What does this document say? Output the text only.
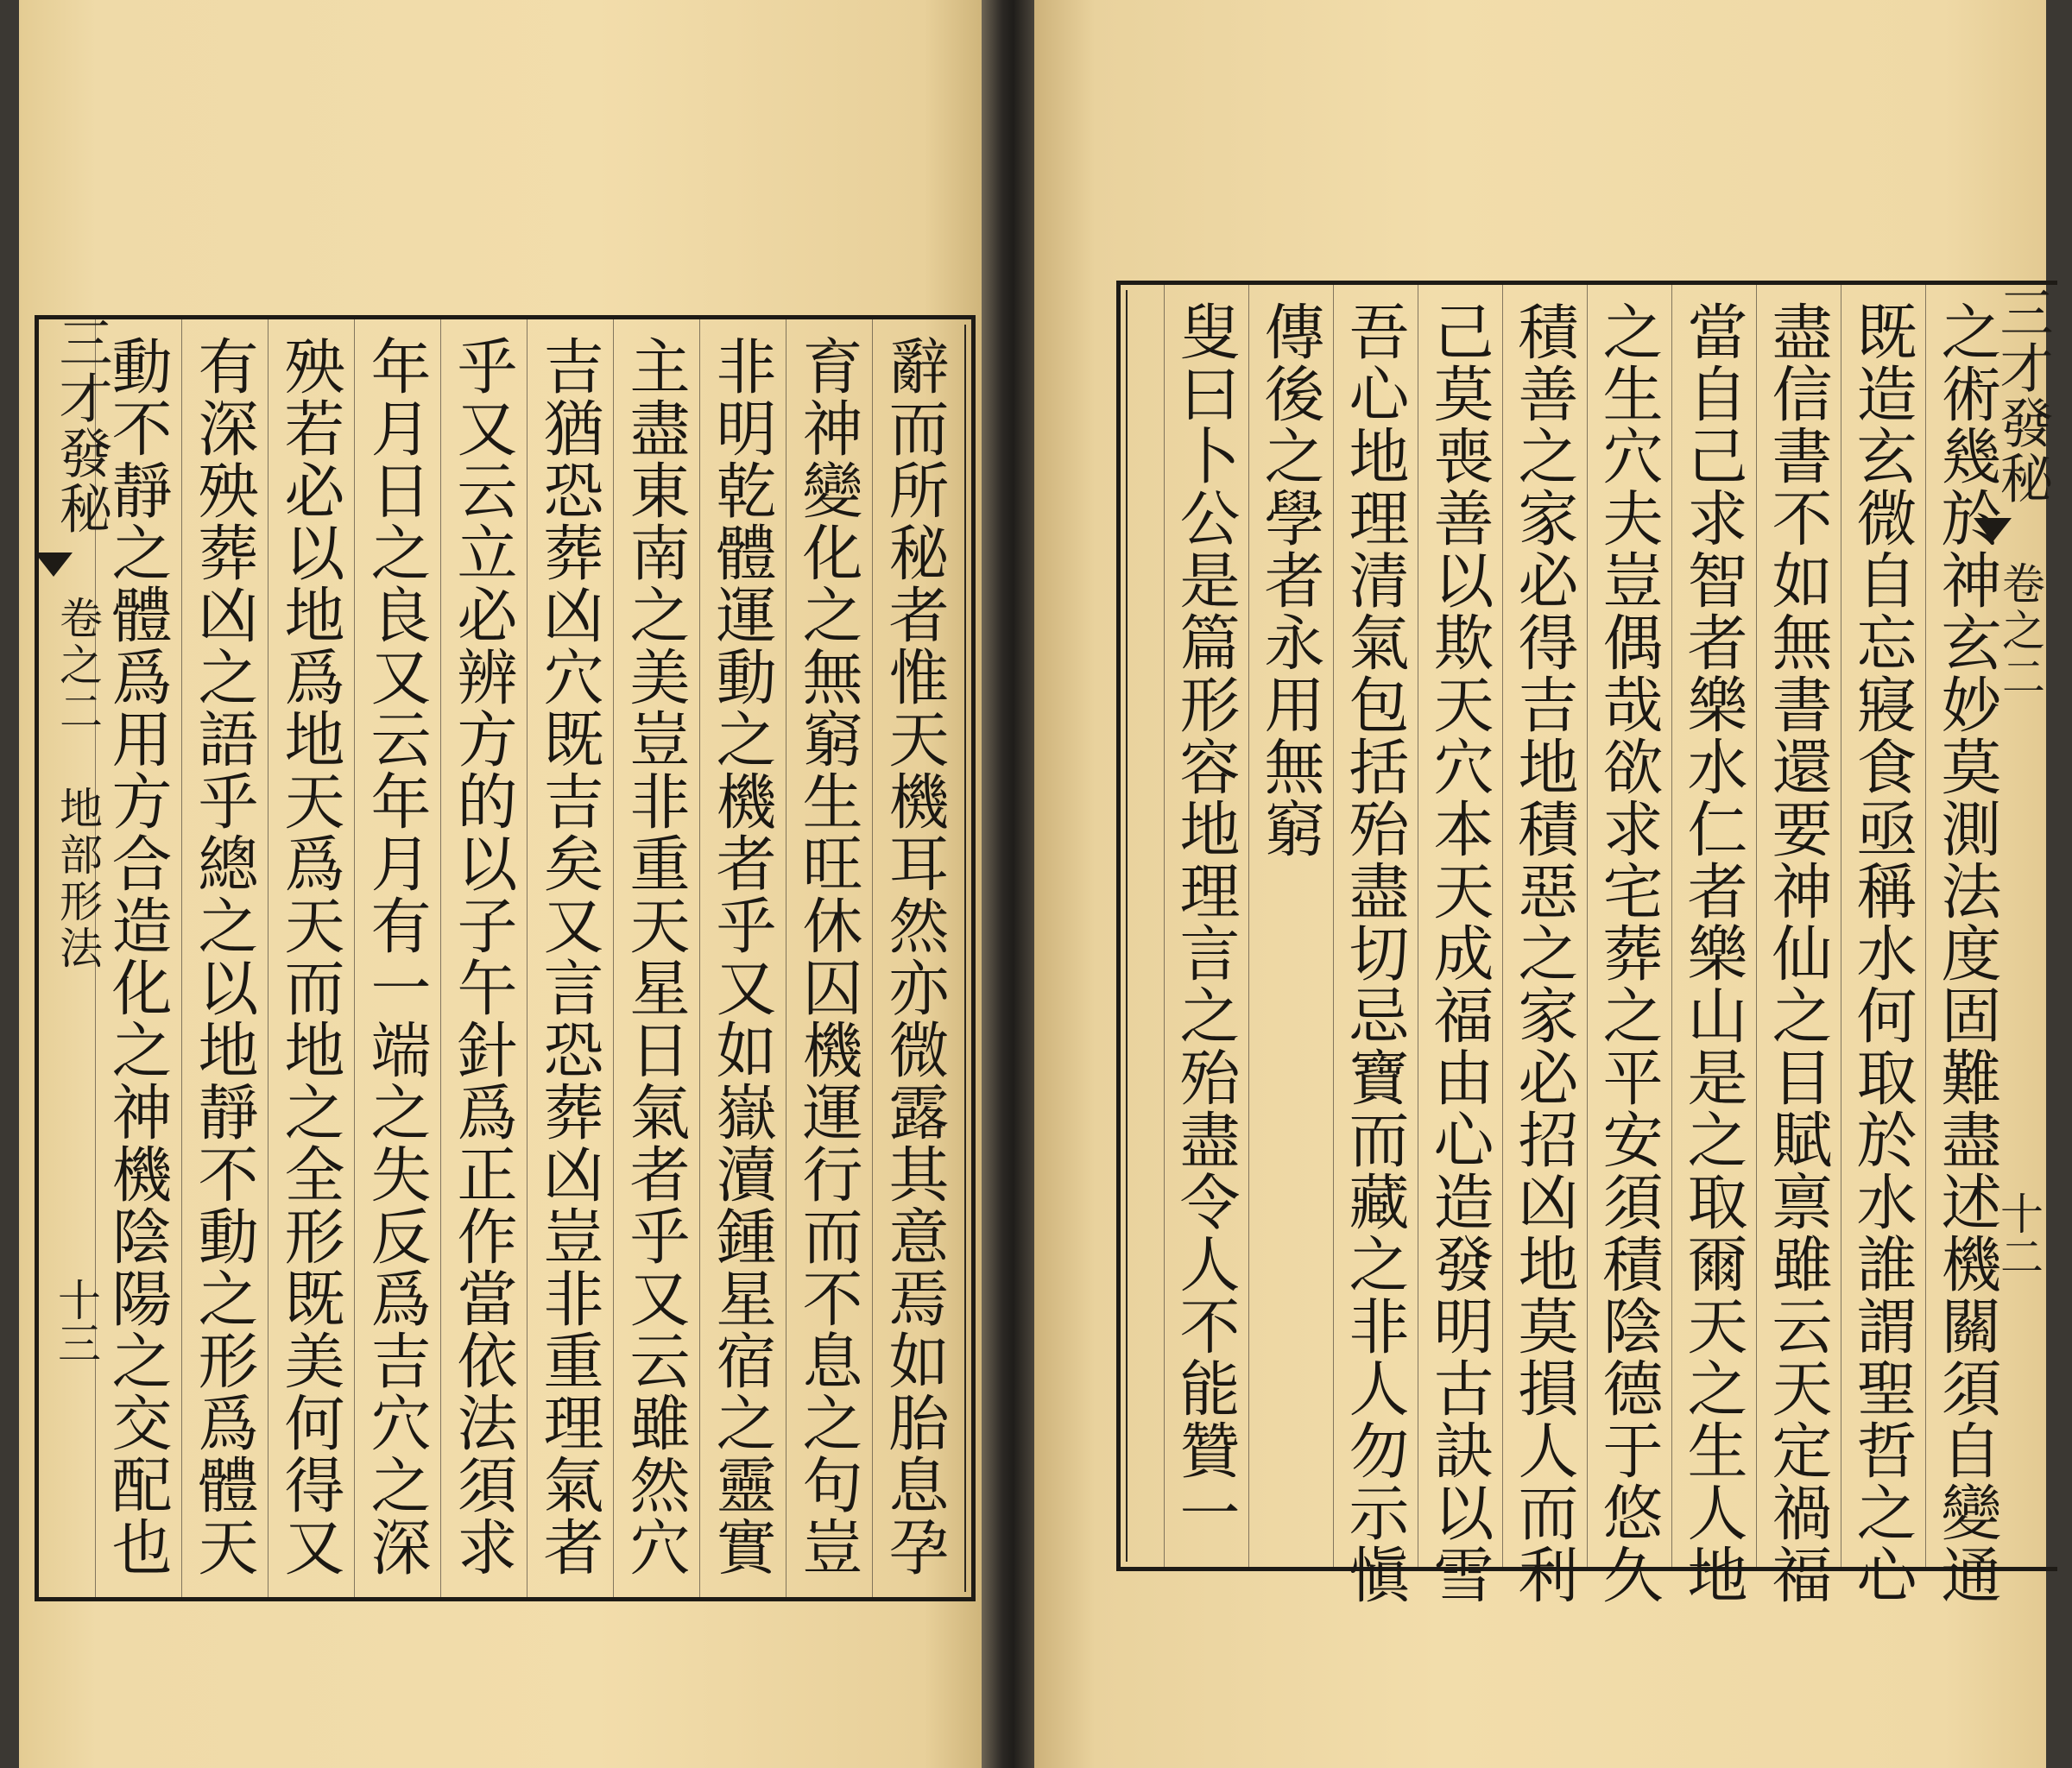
辭而所秘者惟天機耳然亦微露其意焉如胎息孕
育神變化之無窮生旺休囚機運行而不息之句豈
非明乾體運動之機者乎又如嶽瀆鍾星宿之靈實
主盡東南之美豈非重天星日氣者乎又云雖然穴
吉猶恐葬凶穴既吉矣又言恐葬凶豈非重理氣者
乎又云立必辨方的以子午針爲正作當依法須求
年月日之良又云年月有一端之失反爲吉穴之深
殃若必以地爲地天爲天而地之全形既美何得又
有深殃葬凶之語乎總之以地靜不動之形爲體天
動不靜之體爲用方合造化之神機陰陽之交配也
三才發秘
卷之二
地部形法
十三	之術幾於神玄妙莫測法度固難盡述機關須自變通
既造玄微自忘寢食亟稱水何取於水誰謂聖哲之心
盡信書不如無書還要神仙之目賦禀雖云天定禍福
當自己求智者樂水仁者樂山是之取爾天之生人地
之生穴夫豈偶哉欲求宅葬之平安須積陰德于悠久
積善之家必得吉地積惡之家必招凶地莫損人而利
己莫喪善以欺天穴本天成福由心造發明古訣以雪
吾心地理清氣包括殆盡切忌寶而藏之非人勿示愼
傳後之學者永用無窮
叟曰卜公是篇形容地理言之殆盡令人不能贊一	三才發秘
卷之二
十二
